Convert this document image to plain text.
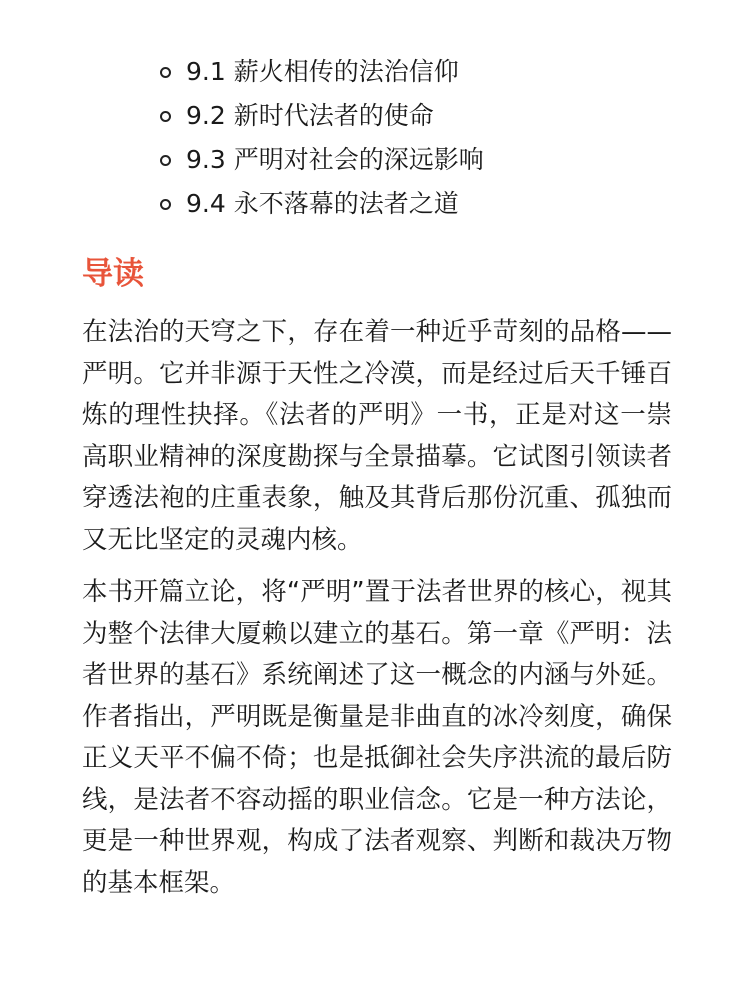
9.1 薪火相传的法治信仰
9.2 新时代法者的使命
9.3 严明对社会的深远影响
9.4 永不落幕的法者之道
导读

在法治的天穹之下，存在着一种近乎苛刻的品格——严明。它并非源于天性之冷漠，而是经过后天千锤百炼的理性抉择。《法者的严明》一书，正是对这一崇高职业精神的深度勘探与全景描摹。它试图引领读者穿透法袍的庄重表象，触及其背后那份沉重、孤独而又无比坚定的灵魂内核。

本书开篇立论，将“严明”置于法者世界的核心，视其为整个法律大厦赖以建立的基石。第一章《严明：法者世界的基石》系统阐述了这一概念的内涵与外延。作者指出，严明既是衡量是非曲直的冰冷刻度，确保正义天平不偏不倚；也是抵御社会失序洪流的最后防线，是法者不容动摇的职业信念。它是一种方法论，更是一种世界观，构成了法者观察、判断和裁决万物的基本框架。
